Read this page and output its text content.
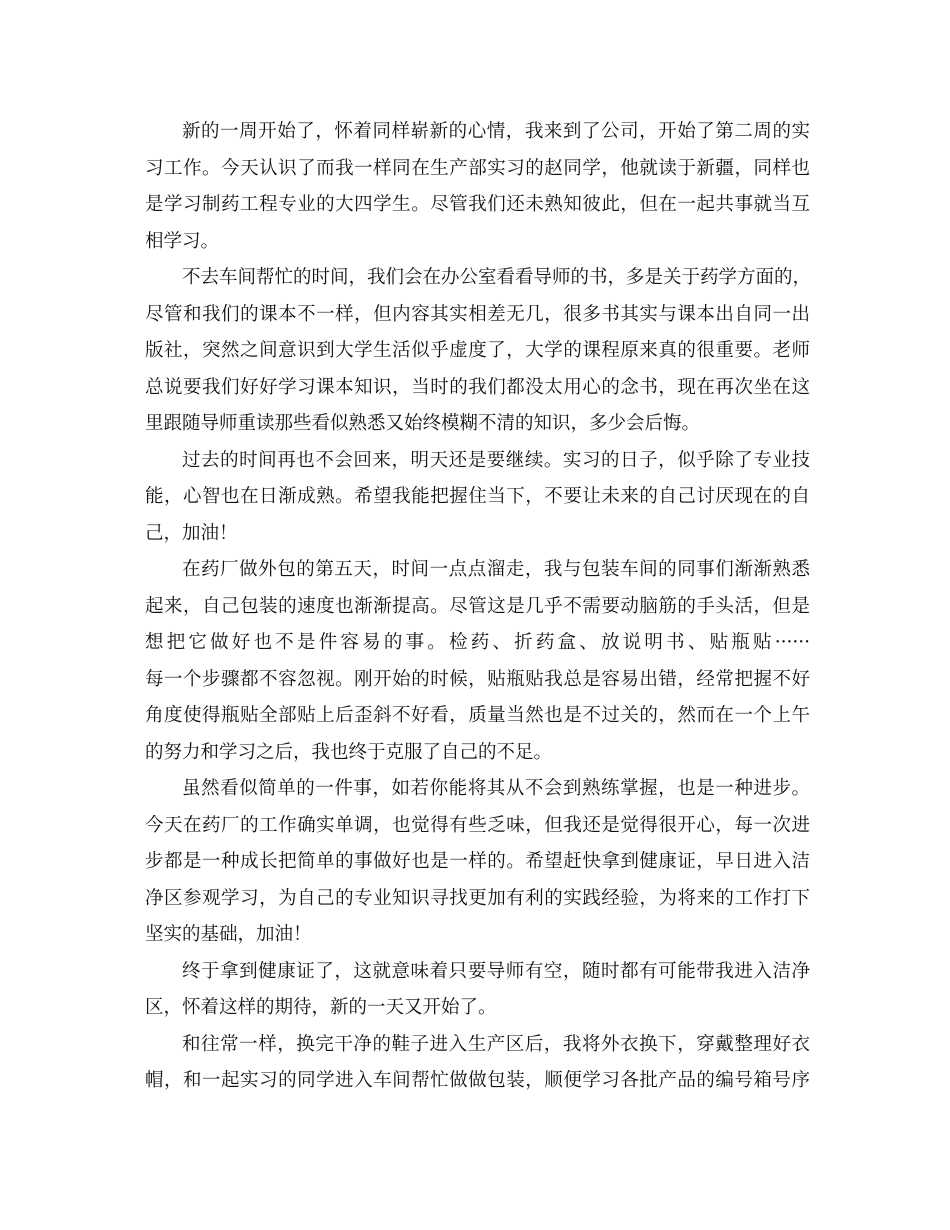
新的一周开始了，怀着同样崭新的心情，我来到了公司，开始了第二周的实
习工作。今天认识了而我一样同在生产部实习的赵同学，他就读于新疆，同样也
是学习制药工程专业的大四学生。尽管我们还未熟知彼此，但在一起共事就当互
相学习。
不去车间帮忙的时间，我们会在办公室看看导师的书，多是关于药学方面的，
尽管和我们的课本不一样，但内容其实相差无几，很多书其实与课本出自同一出
版社，突然之间意识到大学生活似乎虚度了，大学的课程原来真的很重要。老师
总说要我们好好学习课本知识，当时的我们都没太用心的念书，现在再次坐在这
里跟随导师重读那些看似熟悉又始终模糊不清的知识，多少会后悔。
过去的时间再也不会回来，明天还是要继续。实习的日子，似乎除了专业技
能，心智也在日渐成熟。希望我能把握住当下，不要让未来的自己讨厌现在的自
己，加油！
在药厂做外包的第五天，时间一点点溜走，我与包装车间的同事们渐渐熟悉
起来，自己包装的速度也渐渐提高。尽管这是几乎不需要动脑筋的手头活，但是
想把它做好也不是件容易的事。检药、折药盒、放说明书、贴瓶贴······
每一个步骤都不容忽视。刚开始的时候，贴瓶贴我总是容易出错，经常把握不好
角度使得瓶贴全部贴上后歪斜不好看，质量当然也是不过关的，然而在一个上午
的努力和学习之后，我也终于克服了自己的不足。
虽然看似简单的一件事，如若你能将其从不会到熟练掌握，也是一种进步。
今天在药厂的工作确实单调，也觉得有些乏味，但我还是觉得很开心，每一次进
步都是一种成长把简单的事做好也是一样的。希望赶快拿到健康证，早日进入洁
净区参观学习，为自己的专业知识寻找更加有利的实践经验，为将来的工作打下
坚实的基础，加油！
终于拿到健康证了，这就意味着只要导师有空，随时都有可能带我进入洁净
区，怀着这样的期待，新的一天又开始了。
和往常一样，换完干净的鞋子进入生产区后，我将外衣换下，穿戴整理好衣
帽，和一起实习的同学进入车间帮忙做做包装，顺便学习各批产品的编号箱号序
